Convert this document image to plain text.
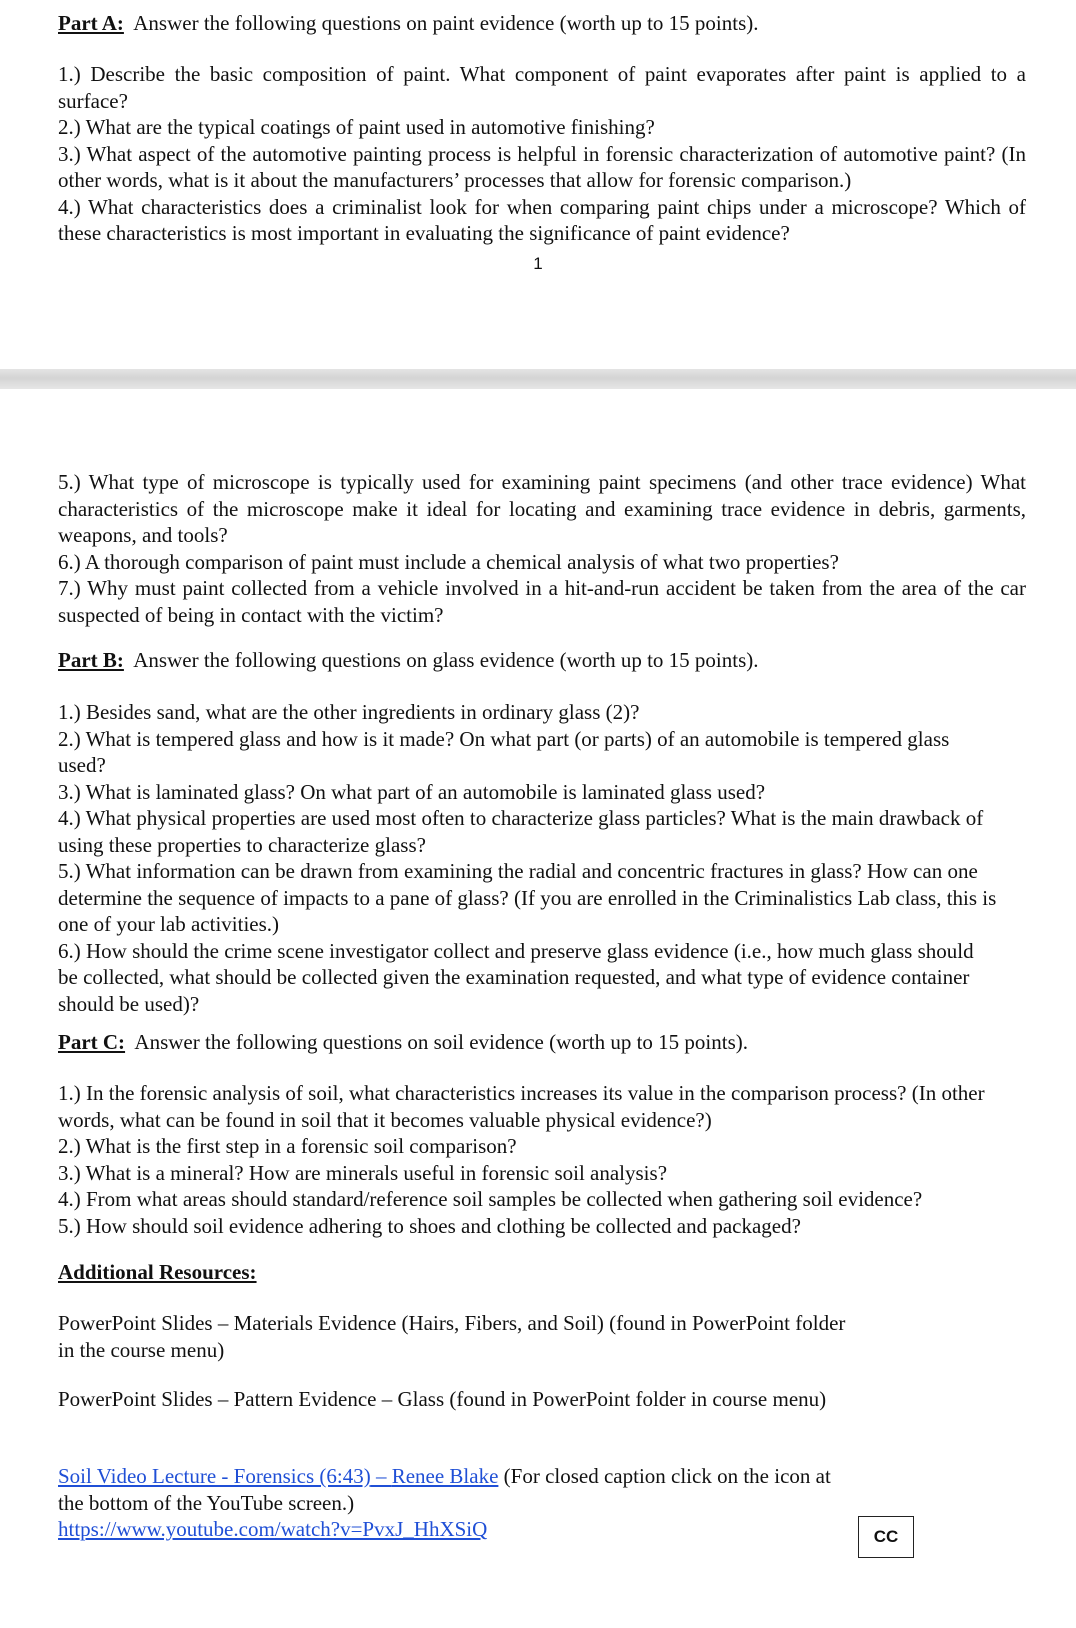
Part A: Answer the following questions on paint evidence (worth up to 15 points).

1.) Describe the basic composition of paint. What component of paint evaporates after paint is applied to a surface?

2.) What are the typical coatings of paint used in automotive finishing?

3.) What aspect of the automotive painting process is helpful in forensic characterization of automotive paint? (In other words, what is it about the manufacturers’ processes that allow for forensic comparison.)

4.) What characteristics does a criminalist look for when comparing paint chips under a microscope? Which of these characteristics is most important in evaluating the significance of paint evidence?

1

5.) What type of microscope is typically used for examining paint specimens (and other trace evidence) What characteristics of the microscope make it ideal for locating and examining trace evidence in debris, garments, weapons, and tools?

6.) A thorough comparison of paint must include a chemical analysis of what two properties?

7.) Why must paint collected from a vehicle involved in a hit-and-run accident be taken from the area of the car suspected of being in contact with the victim?

Part B: Answer the following questions on glass evidence (worth up to 15 points).

1.) Besides sand, what are the other ingredients in ordinary glass (2)?

2.) What is tempered glass and how is it made? On what part (or parts) of an automobile is tempered glass used?

3.) What is laminated glass? On what part of an automobile is laminated glass used?

4.) What physical properties are used most often to characterize glass particles? What is the main drawback of using these properties to characterize glass?

5.) What information can be drawn from examining the radial and concentric fractures in glass? How can one determine the sequence of impacts to a pane of glass? (If you are enrolled in the Criminalistics Lab class, this is one of your lab activities.)

6.) How should the crime scene investigator collect and preserve glass evidence (i.e., how much glass should be collected, what should be collected given the examination requested, and what type of evidence container should be used)?

Part C: Answer the following questions on soil evidence (worth up to 15 points).

1.) In the forensic analysis of soil, what characteristics increases its value in the comparison process? (In other words, what can be found in soil that it becomes valuable physical evidence?)

2.) What is the first step in a forensic soil comparison?

3.) What is a mineral? How are minerals useful in forensic soil analysis?

4.) From what areas should standard/reference soil samples be collected when gathering soil evidence?

5.) How should soil evidence adhering to shoes and clothing be collected and packaged?

Additional Resources:
PowerPoint Slides – Materials Evidence (Hairs, Fibers, and Soil) (found in PowerPoint folder in the course menu)
PowerPoint Slides – Pattern Evidence – Glass (found in PowerPoint folder in course menu)
Soil Video Lecture - Forensics (6:43) – Renee Blake (For closed caption click on the icon at the bottom of the YouTube screen.)
https://www.youtube.com/watch?v=PvxJ_HhXSiQ	CC
